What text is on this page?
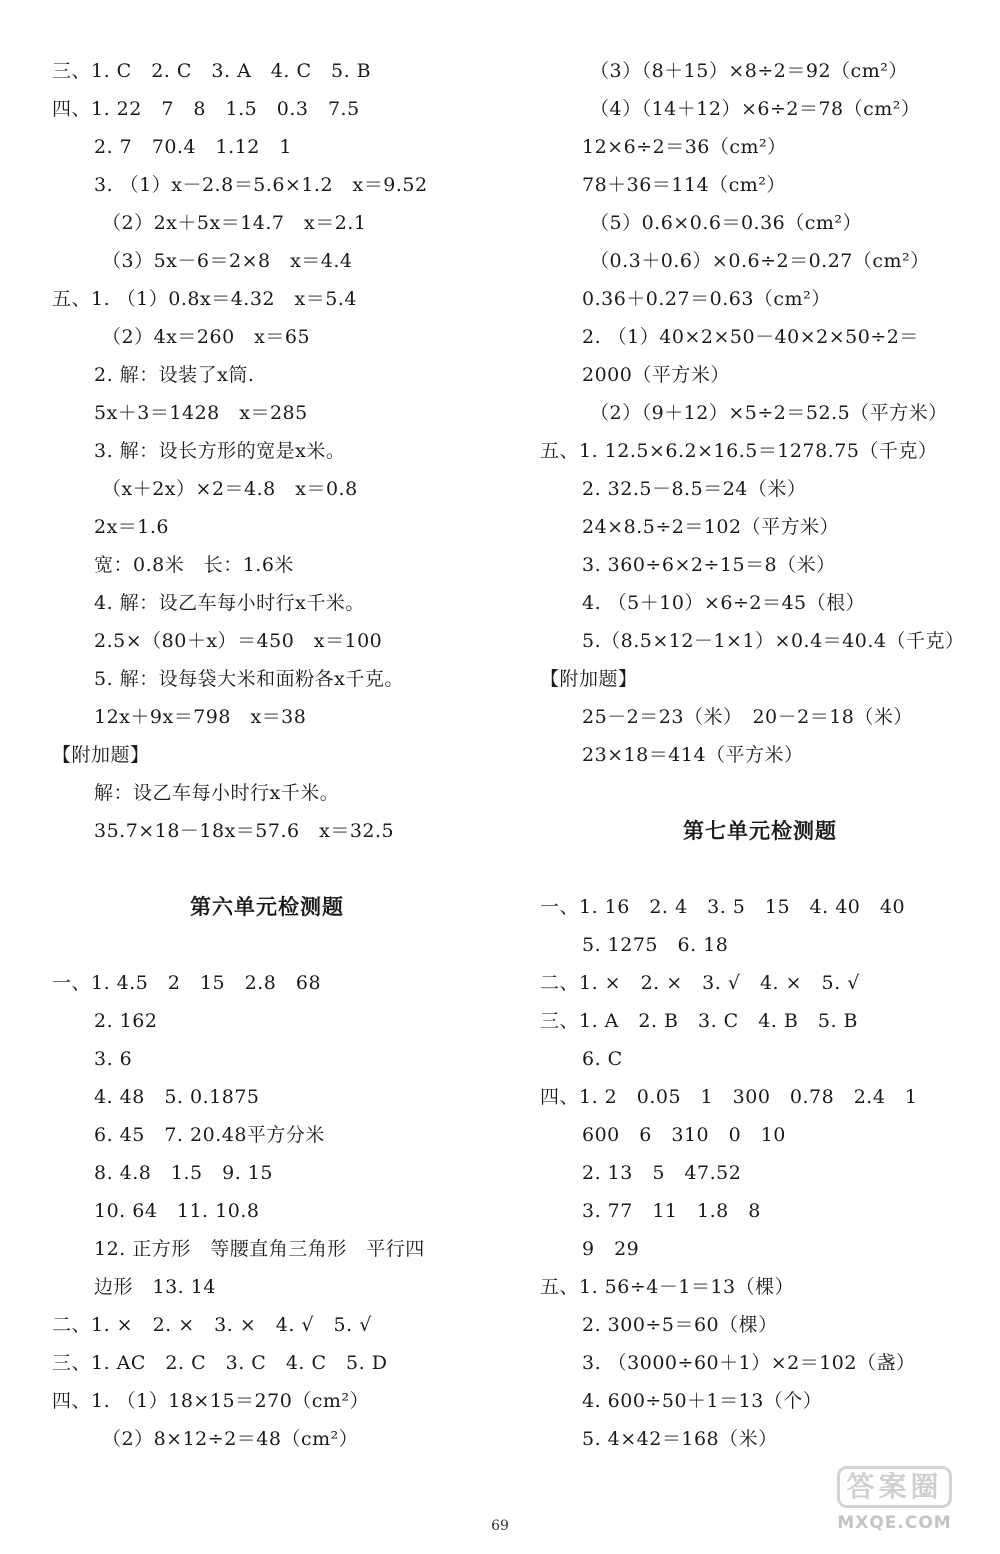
三、1. C　2. C　3. A　4. C　5. B
四、1. 22　7　8　1.5　0.3　7.5
2. 7　70.4　1.12　1
3. （1）x－2.8＝5.6×1.2　x＝9.52
（2）2x＋5x＝14.7　x＝2.1
（3）5x－6＝2×8　x＝4.4
五、1. （1）0.8x＝4.32　x＝5.4
（2）4x＝260　x＝65
2. 解：设装了x筒.
5x＋3＝1428　x＝285
3. 解：设长方形的宽是x米。
（x＋2x）×2＝4.8　x＝0.8
2x＝1.6
宽：0.8米　长：1.6米
4. 解：设乙车每小时行x千米。
2.5×（80＋x）＝450　x＝100
5. 解：设每袋大米和面粉各x千克。
12x＋9x＝798　x＝38
【附加题】
解：设乙车每小时行x千米。
35.7×18－18x＝57.6　x＝32.5
第六单元检测题
一、1. 4.5　2　15　2.8　68
2. 162
3. 6
4. 48　5. 0.1875
6. 45　7. 20.48平方分米
8. 4.8　1.5　9. 15
10. 64　11. 10.8
12. 正方形　等腰直角三角形　平行四
边形　13. 14
二、1. ×　2. ×　3. ×　4. √　5. √
三、1. AC　2. C　3. C　4. C　5. D
四、1. （1）18×15＝270（cm²）
（2）8×12÷2＝48（cm²）
（3）（8＋15）×8÷2＝92（cm²）
（4）（14＋12）×6÷2＝78（cm²）
12×6÷2＝36（cm²）
78＋36＝114（cm²）
（5）0.6×0.6＝0.36（cm²）
（0.3＋0.6）×0.6÷2＝0.27（cm²）
0.36＋0.27＝0.63（cm²）
2. （1）40×2×50－40×2×50÷2＝
2000（平方米）
（2）（9＋12）×5÷2＝52.5（平方米）
五、1. 12.5×6.2×16.5＝1278.75（千克）
2. 32.5－8.5＝24（米）
24×8.5÷2＝102（平方米）
3. 360÷6×2÷15＝8（米）
4. （5＋10）×6÷2＝45（根）
5.（8.5×12－1×1）×0.4＝40.4（千克）
【附加题】
25－2＝23（米）　20－2＝18（米）
23×18＝414（平方米）
第七单元检测题
一、1. 16　2. 4　3. 5　15　4. 40　40
5. 1275　6. 18
二、1. ×　2. ×　3. √　4. ×　5. √
三、1. A　2. B　3. C　4. B　5. B
6. C
四、1. 2　0.05　1　300　0.78　2.4　1
600　6　310　0　10
2. 13　5　47.52
3. 77　11　1.8　8
9　29
五、1. 56÷4－1＝13（棵）
2. 300÷5＝60（棵）
3. （3000÷60＋1）×2＝102（盏）
4. 600÷50＋1＝13（个）
5. 4×42＝168（米）
69
答案圈
MXQE.COM
